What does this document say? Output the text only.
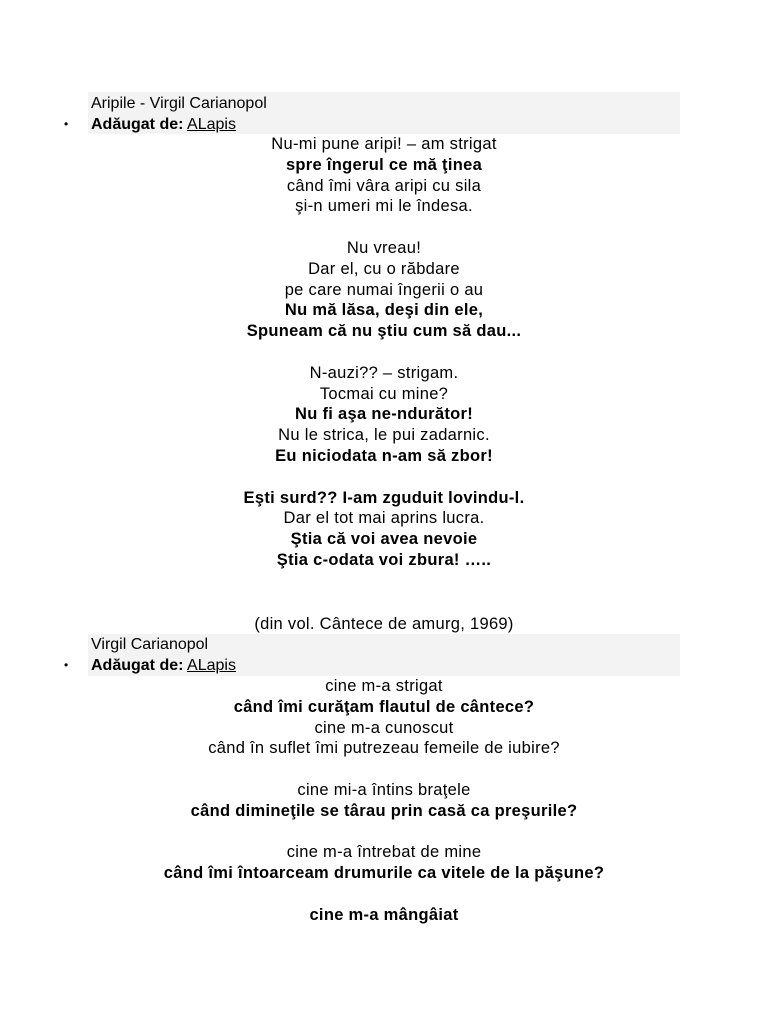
Aripile - Virgil Carianopol
• Adăugat de: ALapis
Nu-mi pune aripi! – am strigat
spre îngerul ce mă ţinea
când îmi vâra aripi cu sila
şi-n umeri mi le îndesa.
Nu vreau!
Dar el, cu o răbdare
pe care numai îngerii o au
Nu mă lăsa, deşi din ele,
Spuneam că nu ştiu cum să dau...
N-auzi?? – strigam.
Tocmai cu mine?
Nu fi aşa ne-ndurător!
Nu le strica, le pui zadarnic.
Eu niciodata n-am să zbor!
Eşti surd?? I-am zguduit lovindu-l.
Dar el tot mai aprins lucra.
Ştia că voi avea nevoie
Ştia c-odata voi zbura! …..
(din vol. Cântece de amurg, 1969)
Virgil Carianopol
• Adăugat de: ALapis
cine m-a strigat
când îmi curăţam flautul de cântece?
cine m-a cunoscut
când în suflet îmi putrezeau femeile de iubire?
cine mi-a întins braţele
când dimineţile se târau prin casă ca preşurile?
cine m-a întrebat de mine
când îmi întoarceam drumurile ca vitele de la păşune?
cine m-a mângâiat
